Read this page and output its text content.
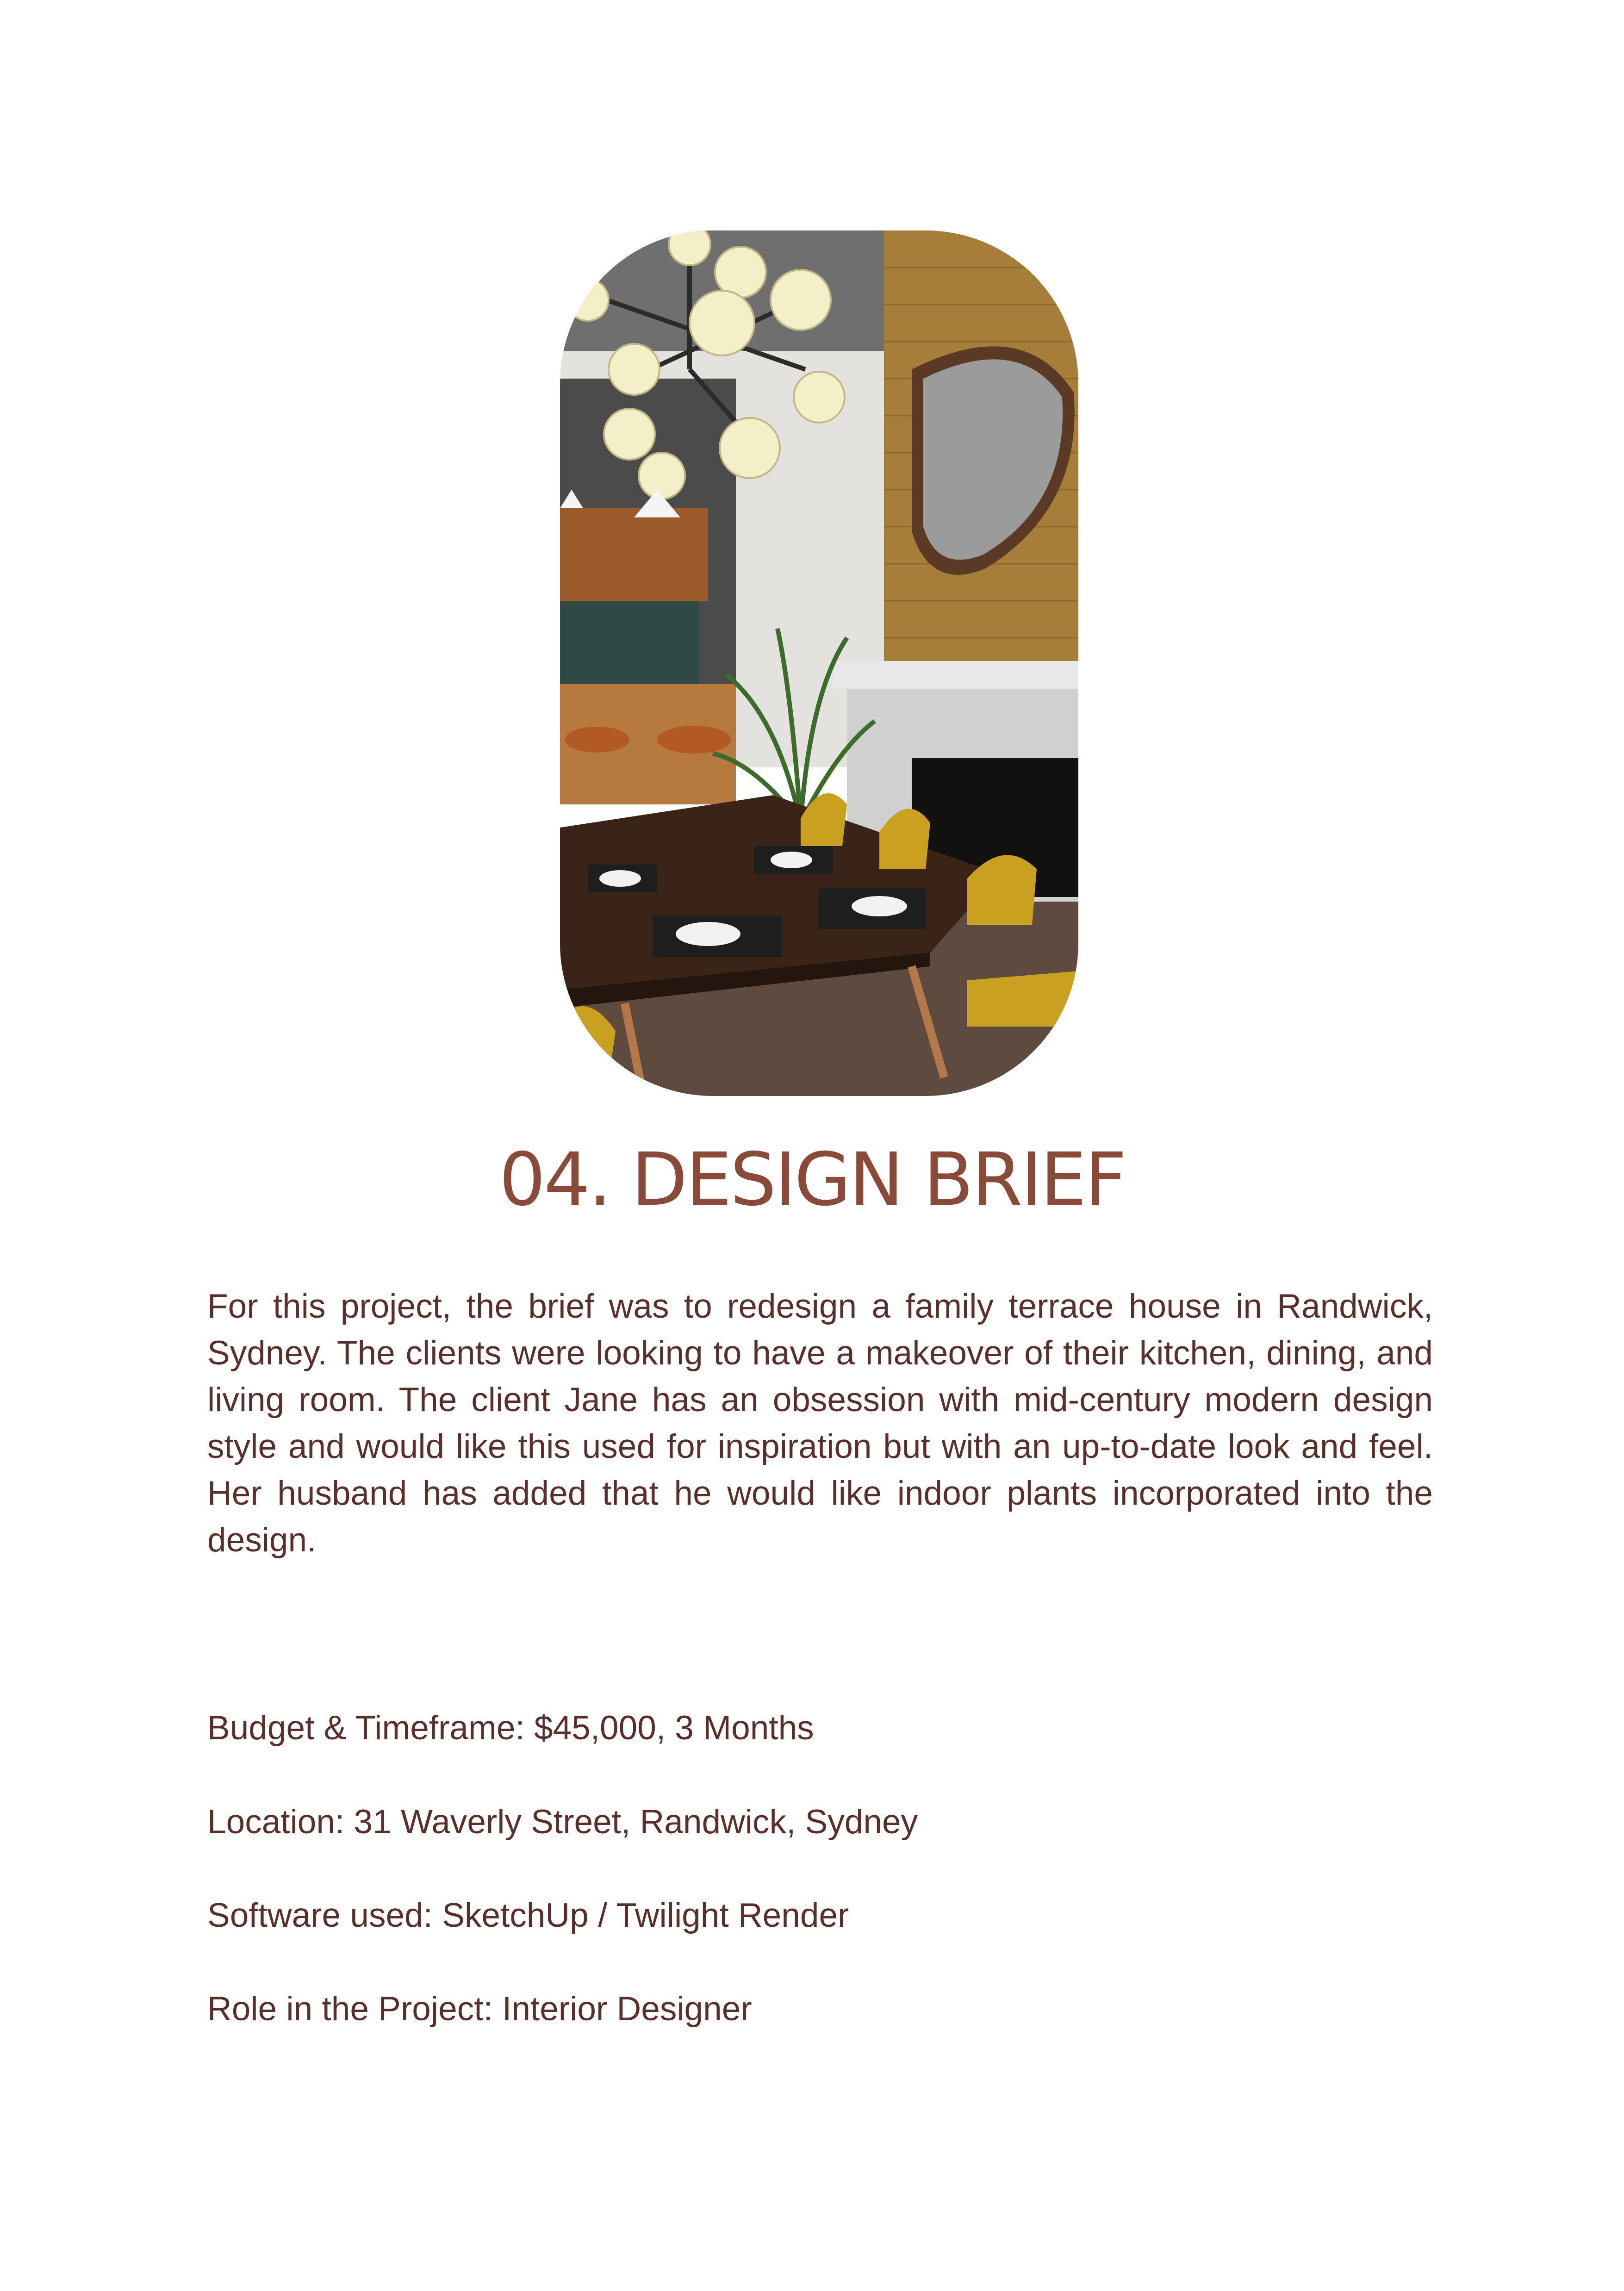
04. DESIGN BRIEF

For this project, the brief was to redesign a family terrace house in Randwick, Sydney. The clients were looking to have a makeover of their kitchen, dining, and living room. The client Jane has an obsession with mid-century modern design style and would like this used for inspiration but with an up-to-date look and feel. Her husband has added that he would like indoor plants incorporated into the design.

Budget & Timeframe: $45,000, 3 Months

Location: 31 Waverly Street, Randwick, Sydney

Software used: SketchUp / Twilight Render

Role in the Project: Interior Designer
